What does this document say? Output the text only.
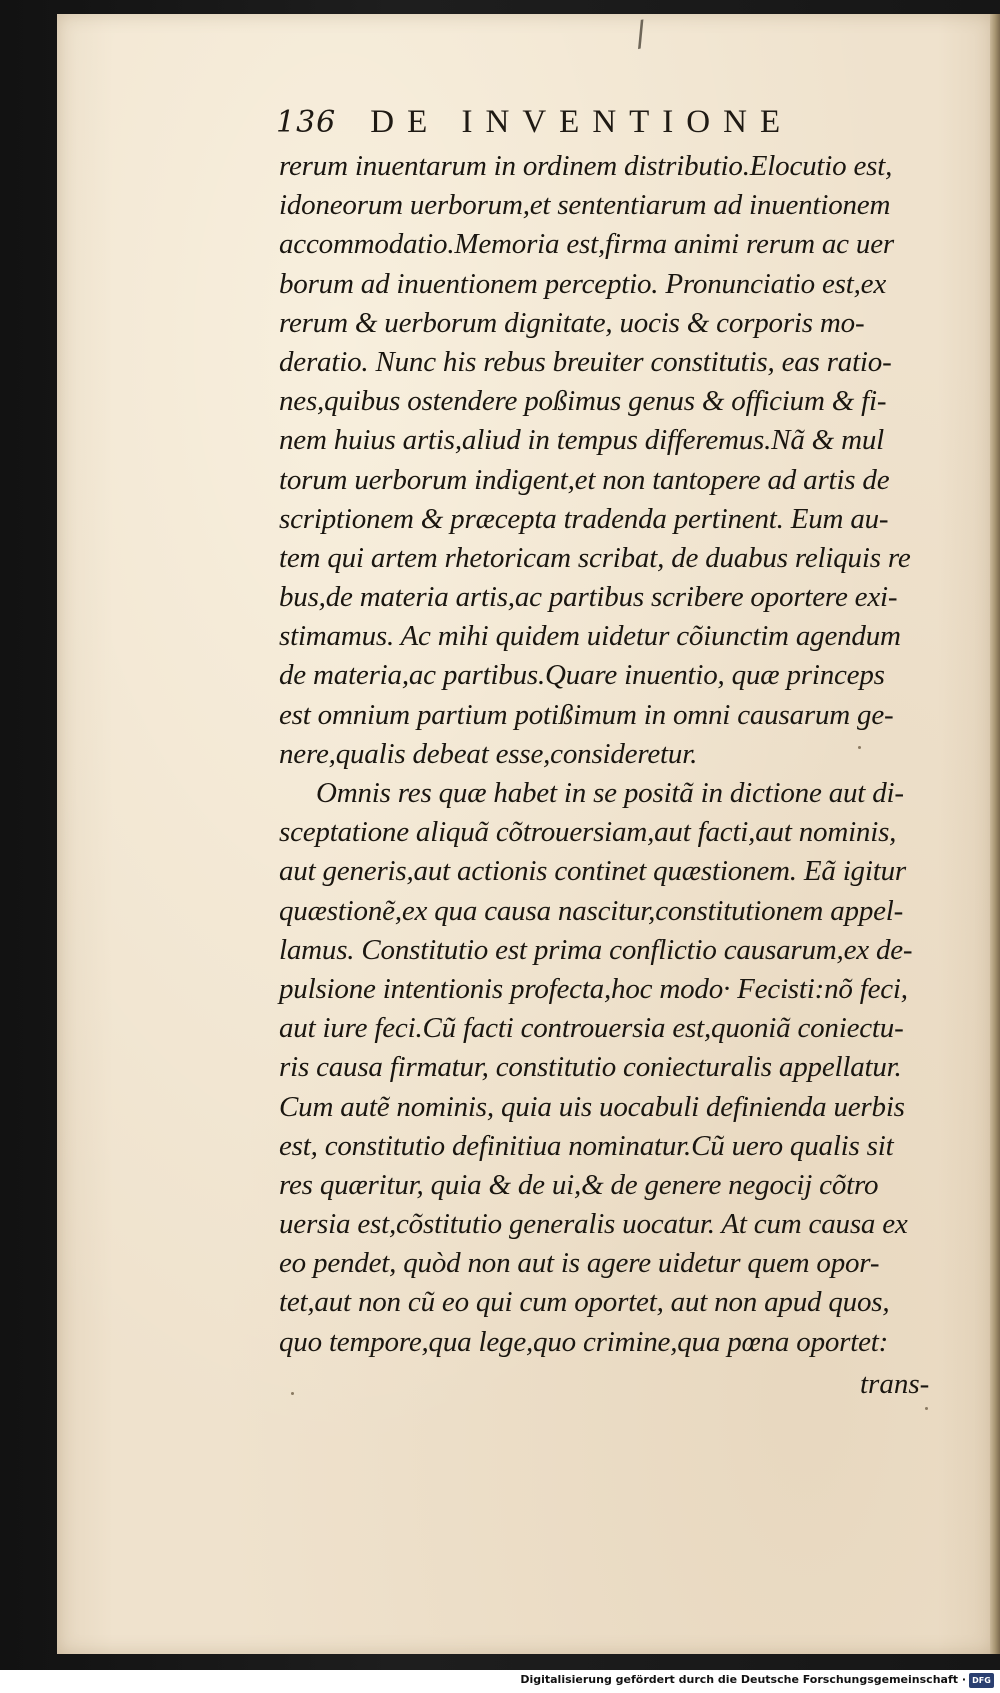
/
136 DE INVENTIONE
rerum inuentarum in ordinem distributio.Elocutio est,
idoneorum uerborum,et sententiarum ad inuentionem
accommodatio.Memoria est,firma animi rerum ac uer
borum ad inuentionem perceptio. Pronunciatio est,ex
rerum & uerborum dignitate, uocis & corporis mo-
deratio. Nunc his rebus breuiter constitutis, eas ratio-
nes,quibus ostendere poßimus genus & officium & fi-
nem huius artis,aliud in tempus differemus.Nã & mul
torum uerborum indigent,et non tantopere ad artis de
scriptionem & præcepta tradenda pertinent. Eum au-
tem qui artem rhetoricam scribat, de duabus reliquis re
bus,de materia artis,ac partibus scribere oportere exi-
stimamus. Ac mihi quidem uidetur cõiunctim agendum
de materia,ac partibus.Quare inuentio, quæ princeps
est omnium partium potißimum in omni causarum ge-
nere,qualis debeat esse,consideretur.
Omnis res quæ habet in se positã in dictione aut di-
sceptatione aliquã cõtrouersiam,aut facti,aut nominis,
aut generis,aut actionis continet quæstionem. Eã igitur
quæstionẽ,ex qua causa nascitur,constitutionem appel-
lamus. Constitutio est prima conflictio causarum,ex de-
pulsione intentionis profecta,hoc modo· Fecisti:nõ feci,
aut iure feci.Cũ facti controuersia est,quoniã coniectu-
ris causa firmatur, constitutio coniecturalis appellatur.
Cum autẽ nominis, quia uis uocabuli definienda uerbis
est, constitutio definitiua nominatur.Cũ uero qualis sit
res quæritur, quia & de ui,& de genere negocij cõtro
uersia est,cõstitutio generalis uocatur. At cum causa ex
eo pendet, quòd non aut is agere uidetur quem opor-
tet,aut non cũ eo qui cum oportet, aut non apud quos,
quo tempore,qua lege,quo crimine,qua pœna oportet:
trans-
Digitalisierung gefördert durch die Deutsche Forschungsgemeinschaft · DFG
